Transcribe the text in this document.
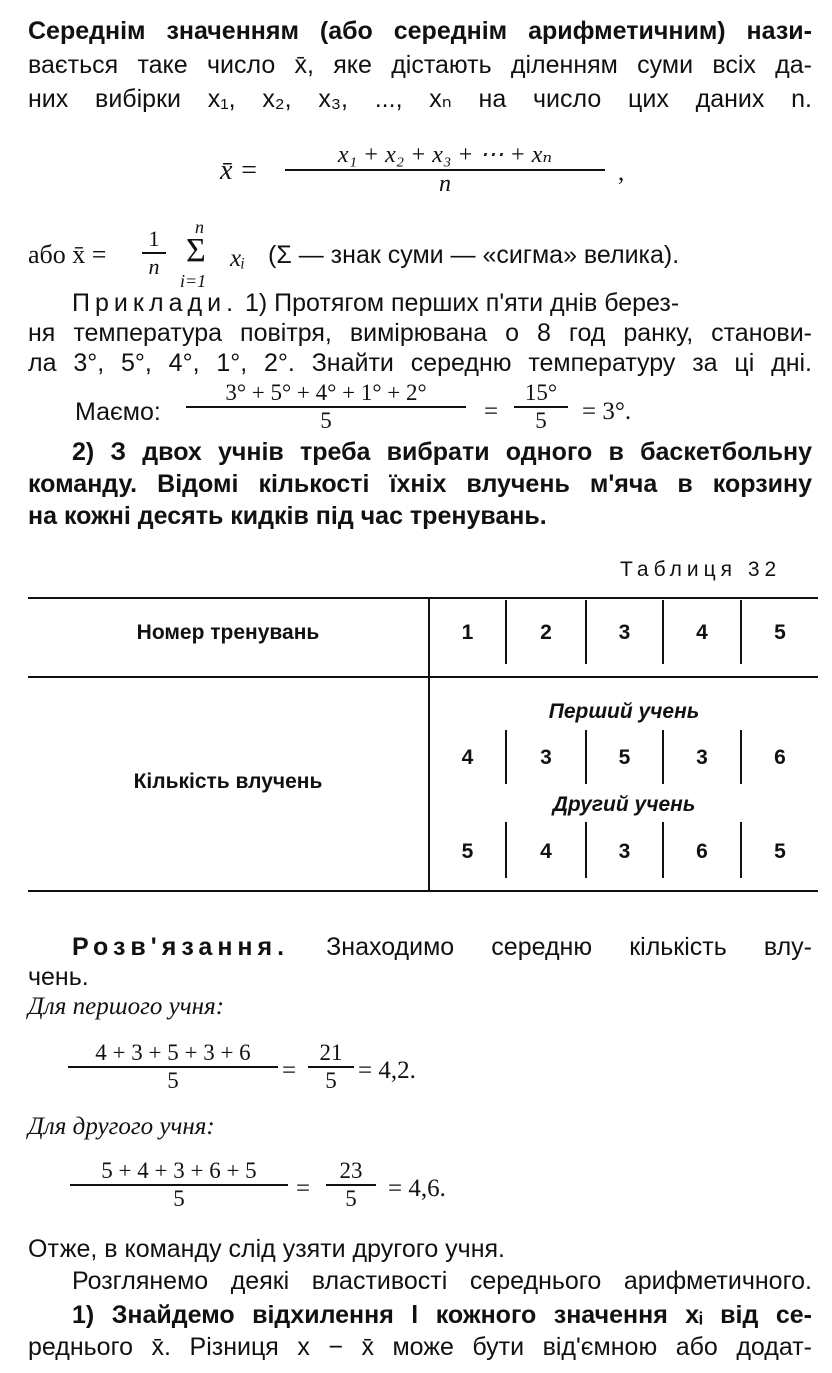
Середнім значенням (або середнім арифметичним) нази-
вається таке число x̄, яке дістають діленням суми всіх да-
них вибірки x₁, x₂, x₃, ..., xₙ на число цих даних n.
x̄ =	x₁ + x₂ + x₃ + ⋯ + xₙ
n	,
або x̄ =
1
n
n
Σ
i=1
xᵢ (Σ — знак суми — «сигма» велика).
Приклади. 1) Протягом перших п'яти днів берез-
ня температура повітря, вимірювана о 8 год ранку, станови-
ла 3°, 5°, 4°, 1°, 2°. Знайти середню температуру за ці дні.
Маємо:
3° + 5° + 4° + 1° + 2°
5	=
15°
5 = 3°.
2) З двох учнів треба вибрати одного в баскетбольну
команду. Відомі кількості їхніх влучень м'яча в корзину
на кожні десять кидків під час тренувань.
Таблиця 32
Номер тренувань	1	2	3	4	5
Кількість влучень
Перший учень
4	3	5	3	6
Другий учень
5	4	3	6	5
Розв'язання. Знаходимо середню кількість влу-
чень.
Для першого учня:
4 + 3 + 5 + 3 + 6
5	=
21
5 = 4,2.
Для другого учня:
5 + 4 + 3 + 6 + 5
5	=
23
5 = 4,6.
Отже, в команду слід узяти другого учня.
Розглянемо деякі властивості середнього арифметичного.
1) Знайдемо відхилення l кожного значення xᵢ від се-
реднього x̄. Різниця x − x̄ може бути від'ємною або додат-
